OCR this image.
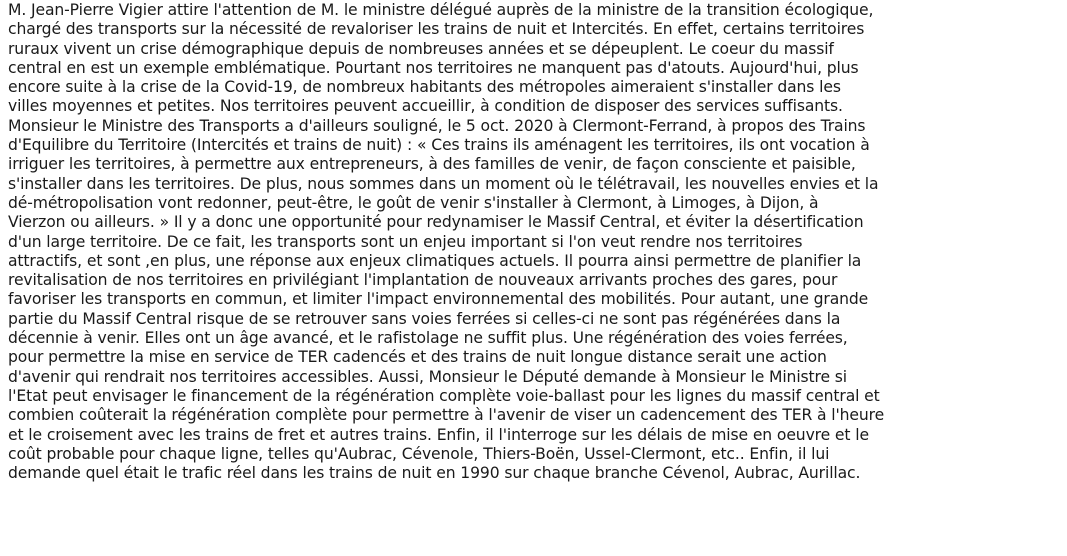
M. Jean-Pierre Vigier attire l'attention de M. le ministre délégué auprès de la ministre de la transition écologique,
chargé des transports sur la nécessité de revaloriser les trains de nuit et Intercités. En effet, certains territoires
ruraux vivent un crise démographique depuis de nombreuses années et se dépeuplent. Le coeur du massif
central en est un exemple emblématique. Pourtant nos territoires ne manquent pas d'atouts. Aujourd'hui, plus
encore suite à la crise de la Covid-19, de nombreux habitants des métropoles aimeraient s'installer dans les
villes moyennes et petites. Nos territoires peuvent accueillir, à condition de disposer des services suffisants.
Monsieur le Ministre des Transports a d'ailleurs souligné, le 5 oct. 2020 à Clermont-Ferrand, à propos des Trains
d'Equilibre du Territoire (Intercités et trains de nuit) : « Ces trains ils aménagent les territoires, ils ont vocation à
irriguer les territoires, à permettre aux entrepreneurs, à des familles de venir, de façon consciente et paisible,
s'installer dans les territoires. De plus, nous sommes dans un moment où le télétravail, les nouvelles envies et la
dé-métropolisation vont redonner, peut-être, le goût de venir s'installer à Clermont, à Limoges, à Dijon, à
Vierzon ou ailleurs. » Il y a donc une opportunité pour redynamiser le Massif Central, et éviter la désertification
d'un large territoire. De ce fait, les transports sont un enjeu important si l'on veut rendre nos territoires
attractifs, et sont ,en plus, une réponse aux enjeux climatiques actuels. Il pourra ainsi permettre de planifier la
revitalisation de nos territoires en privilégiant l'implantation de nouveaux arrivants proches des gares, pour
favoriser les transports en commun, et limiter l'impact environnemental des mobilités. Pour autant, une grande
partie du Massif Central risque de se retrouver sans voies ferrées si celles-ci ne sont pas régénérées dans la
décennie à venir. Elles ont un âge avancé, et le rafistolage ne suffit plus. Une régénération des voies ferrées,
pour permettre la mise en service de TER cadencés et des trains de nuit longue distance serait une action
d'avenir qui rendrait nos territoires accessibles. Aussi, Monsieur le Député demande à Monsieur le Ministre si
l'Etat peut envisager le financement de la régénération complète voie-ballast pour les lignes du massif central et
combien coûterait la régénération complète pour permettre à l'avenir de viser un cadencement des TER à l'heure
et le croisement avec les trains de fret et autres trains. Enfin, il l'interroge sur les délais de mise en oeuvre et le
coût probable pour chaque ligne, telles qu'Aubrac, Cévenole, Thiers-Boën, Ussel-Clermont, etc.. Enfin, il lui
demande quel était le trafic réel dans les trains de nuit en 1990 sur chaque branche Cévenol, Aubrac, Aurillac.
